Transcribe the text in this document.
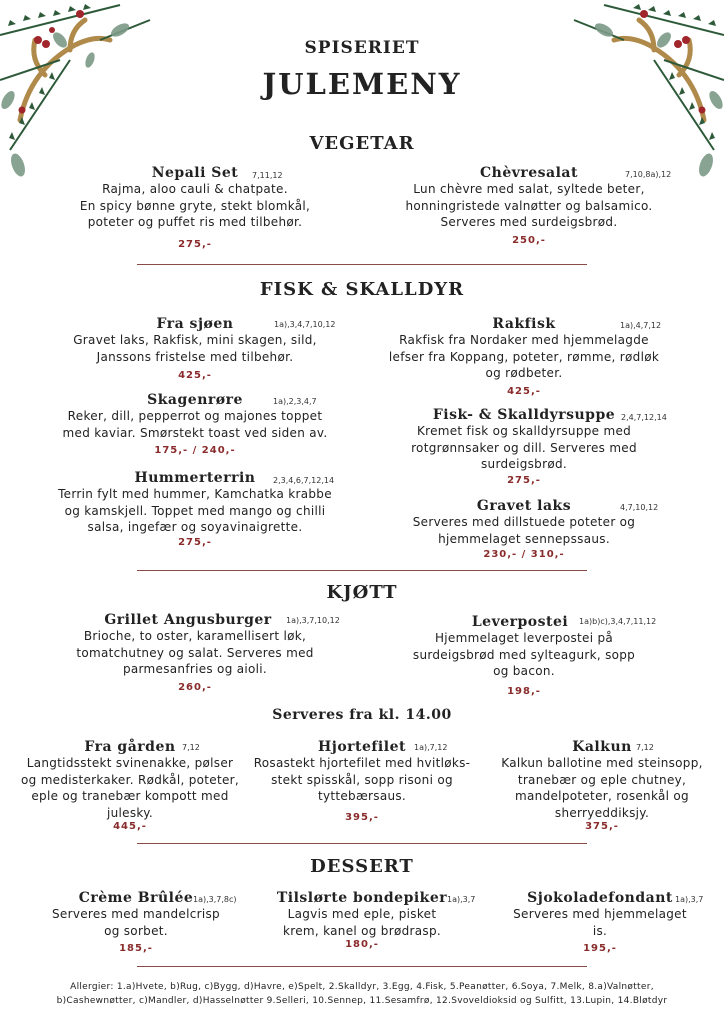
SPISERIET
JULEMENY
VEGETAR
Nepali Set
Rajma, aloo cauli & chatpate.
En spicy bønne gryte, stekt blomkål,
poteter og puffet ris med tilbehør.
275,-
7,11,12	Chèvresalat
Lun chèvre med salat, syltede beter,
honningristede valnøtter og balsamico.
Serveres med surdeigsbrød.
250,-
7,10,8a),12
FISK & SKALLDYR
Fra sjøen
Gravet laks, Rakfisk, mini skagen, sild,
Janssons fristelse med tilbehør.
425,-
1a),3,4,7,10,12	Rakfisk
Rakfisk fra Nordaker med hjemmelagde
lefser fra Koppang, poteter, rømme, rødløk
og rødbeter.
425,-
1a),4,7,12
Skagenrøre
Reker, dill, pepperrot og majones toppet
med kaviar. Smørstekt toast ved siden av.
175,- / 240,-
1a),2,3,4,7
Fisk- & Skalldyrsuppe
Kremet fisk og skalldyrsuppe med
rotgrønnsaker og dill. Serveres med
surdeigsbrød.
275,-
2,4,7,12,14
Hummerterrin
Terrin fylt med hummer, Kamchatka krabbe
og kamskjell. Toppet med mango og chilli
salsa, ingefær og soyavinaigrette.
275,-
2,3,4,6,7,12,14
Gravet laks
Serveres med dillstuede poteter og
hjemmelaget sennepssaus.
230,- / 310,-
4,7,10,12
KJØTT
Grillet Angusburger
Brioche, to oster, karamellisert løk,
tomatchutney og salat. Serveres med
parmesanfries og aioli.
260,-
1a),3,7,10,12	Leverpostei
Hjemmelaget leverpostei på
surdeigsbrød med sylteagurk, sopp
og bacon.
198,-
1a)b)c),3,4,7,11,12
Serveres fra kl. 14.00
Fra gården
Langtidsstekt svinenakke, pølser
og medisterkaker. Rødkål, poteter,
eple og tranebær kompott med
julesky.
445,-
7,12	Hjortefilet
Rosastekt hjortefilet med hvitløks-
stekt spisskål, sopp risoni og
tyttebærsaus.
395,-
1a),7,12	Kalkun
Kalkun ballotine med steinsopp,
tranebær og eple chutney,
mandelpoteter, rosenkål og
sherryeddiksjy.
375,-
7,12
DESSERT
Crème Brûlée
Serveres med mandelcrisp
og sorbet.
185,-
1a),3,7,8c)	Tilslørte bondepiker
Lagvis med eple, pisket
krem, kanel og brødrasp.
180,-
1a),3,7	Sjokoladefondant
Serveres med hjemmelaget
is.
195,-
1a),3,7
Allergier: 1.a)Hvete, b)Rug, c)Bygg, d)Havre, e)Spelt, 2.Skalldyr, 3.Egg, 4.Fisk, 5.Peanøtter, 6.Soya, 7.Melk, 8.a)Valnøtter,
b)Cashewnøtter, c)Mandler, d)Hasselnøtter 9.Selleri, 10.Sennep, 11.Sesamfrø, 12.Svoveldioksid og Sulfitt, 13.Lupin, 14.Bløtdyr
